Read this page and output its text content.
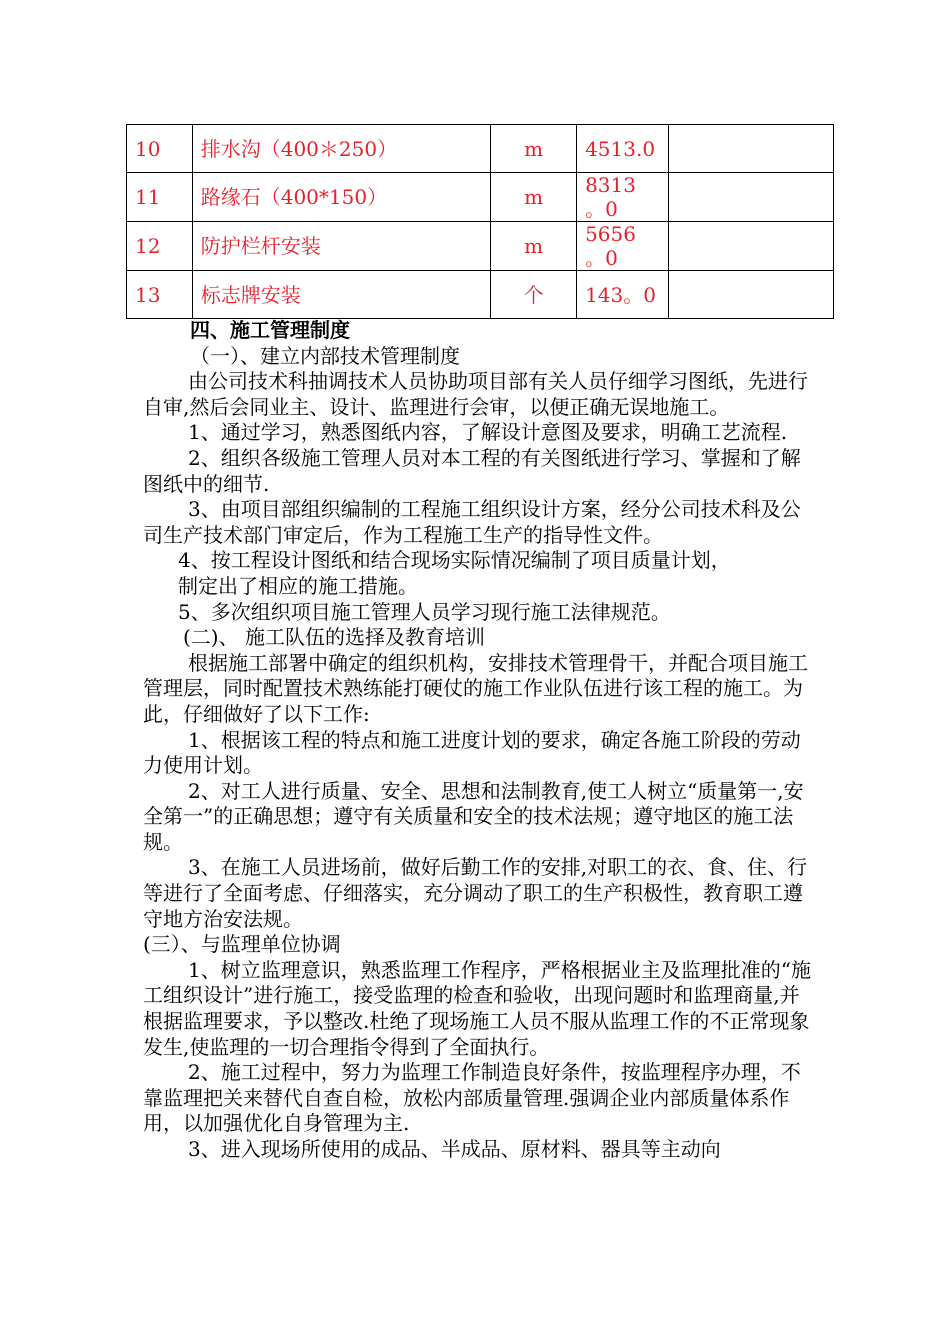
10	排水沟（400＊250）	m	4513.0	
11	路缘石（400*150）	m	8313 。0	
12	防护栏杆安装	m	5656 。0	
13	标志牌安装	个	143。0	

四、施工管理制度

（一）、建立内部技术管理制度

由公司技术科抽调技术人员协助项目部有关人员仔细学习图纸，先进行自审,然后会同业主、设计、监理进行会审，以便正确无误地施工。

1、通过学习，熟悉图纸内容，了解设计意图及要求，明确工艺流程.

2、组织各级施工管理人员对本工程的有关图纸进行学习、掌握和了解图纸中的细节.

3、由项目部组织编制的工程施工组织设计方案，经分公司技术科及公司生产技术部门审定后，作为工程施工生产的指导性文件。

4、按工程设计图纸和结合现场实际情况编制了项目质量计划，

制定出了相应的施工措施。

5、多次组织项目施工管理人员学习现行施工法律规范。

(二)、 施工队伍的选择及教育培训

根据施工部署中确定的组织机构，安排技术管理骨干，并配合项目施工管理层，同时配置技术熟练能打硬仗的施工作业队伍进行该工程的施工。为此，仔细做好了以下工作:

1、根据该工程的特点和施工进度计划的要求，确定各施工阶段的劳动力使用计划。

2、对工人进行质量、安全、思想和法制教育,使工人树立“质量第一,安全第一”的正确思想；遵守有关质量和安全的技术法规；遵守地区的施工法规。

3、在施工人员进场前，做好后勤工作的安排,对职工的衣、食、住、行等进行了全面考虑、仔细落实，充分调动了职工的生产积极性，教育职工遵守地方治安法规。

(三）、与监理单位协调

1、树立监理意识，熟悉监理工作程序，严格根据业主及监理批准的“施工组织设计”进行施工，接受监理的检查和验收，出现问题时和监理商量,并根据监理要求，予以整改.杜绝了现场施工人员不服从监理工作的不正常现象发生,使监理的一切合理指令得到了全面执行。

2、施工过程中，努力为监理工作制造良好条件，按监理程序办理，不靠监理把关来替代自查自检，放松内部质量管理.强调企业内部质量体系作用，以加强优化自身管理为主.

3、进入现场所使用的成品、半成品、原材料、器具等主动向
